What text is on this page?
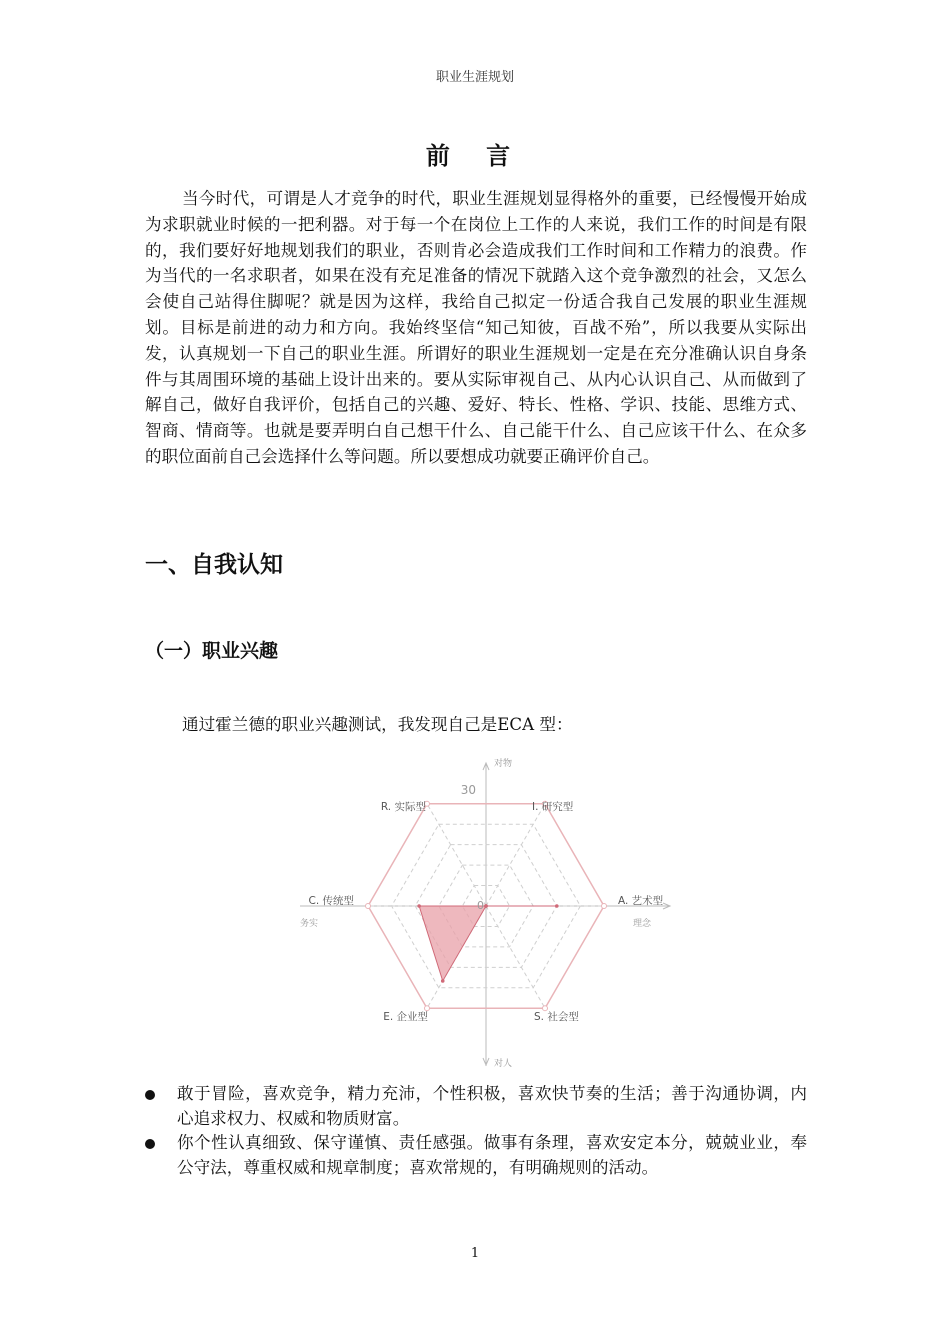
职业生涯规划
前 言

当今时代，可谓是人才竞争的时代，职业生涯规划显得格外的重要，已经慢慢开始成为求职就业时候的一把利器。对于每一个在岗位上工作的人来说，我们工作的时间是有限的，我们要好好地规划我们的职业，否则肯必会造成我们工作时间和工作精力的浪费。作为当代的一名求职者，如果在没有充足准备的情况下就踏入这个竞争激烈的社会，又怎么会使自己站得住脚呢？就是因为这样，我给自己拟定一份适合我自己发展的职业生涯规划。目标是前进的动力和方向。我始终坚信“知己知彼，百战不殆”，所以我要从实际出发，认真规划一下自己的职业生涯。所谓好的职业生涯规划一定是在充分准确认识自身条件与其周围环境的基础上设计出来的。要从实际审视自己、从内心认识自己、从而做到了解自己，做好自我评价，包括自己的兴趣、爱好、特长、性格、学识、技能、思维方式、智商、情商等。也就是要弄明白自己想干什么、自己能干什么、自己应该干什么、在众多的职位面前自己会选择什么等问题。所以要想成功就要正确评价自己。

一、自我认知
（一）职业兴趣
通过霍兰德的职业兴趣测试，我发现自己是ECA 型：
30
0
R. 实际型	I. 研究型
A. 艺术型
S. 社会型
E. 企业型
C. 传统型
对物
对人
务实	理念
敢于冒险，喜欢竞争，精力充沛，个性积极，喜欢快节奏的生活；善于沟通协调，内心追求权力、权威和物质财富。
你个性认真细致、保守谨慎、责任感强。做事有条理，喜欢安定本分，兢兢业业，奉公守法，尊重权威和规章制度；喜欢常规的，有明确规则的活动。
1
